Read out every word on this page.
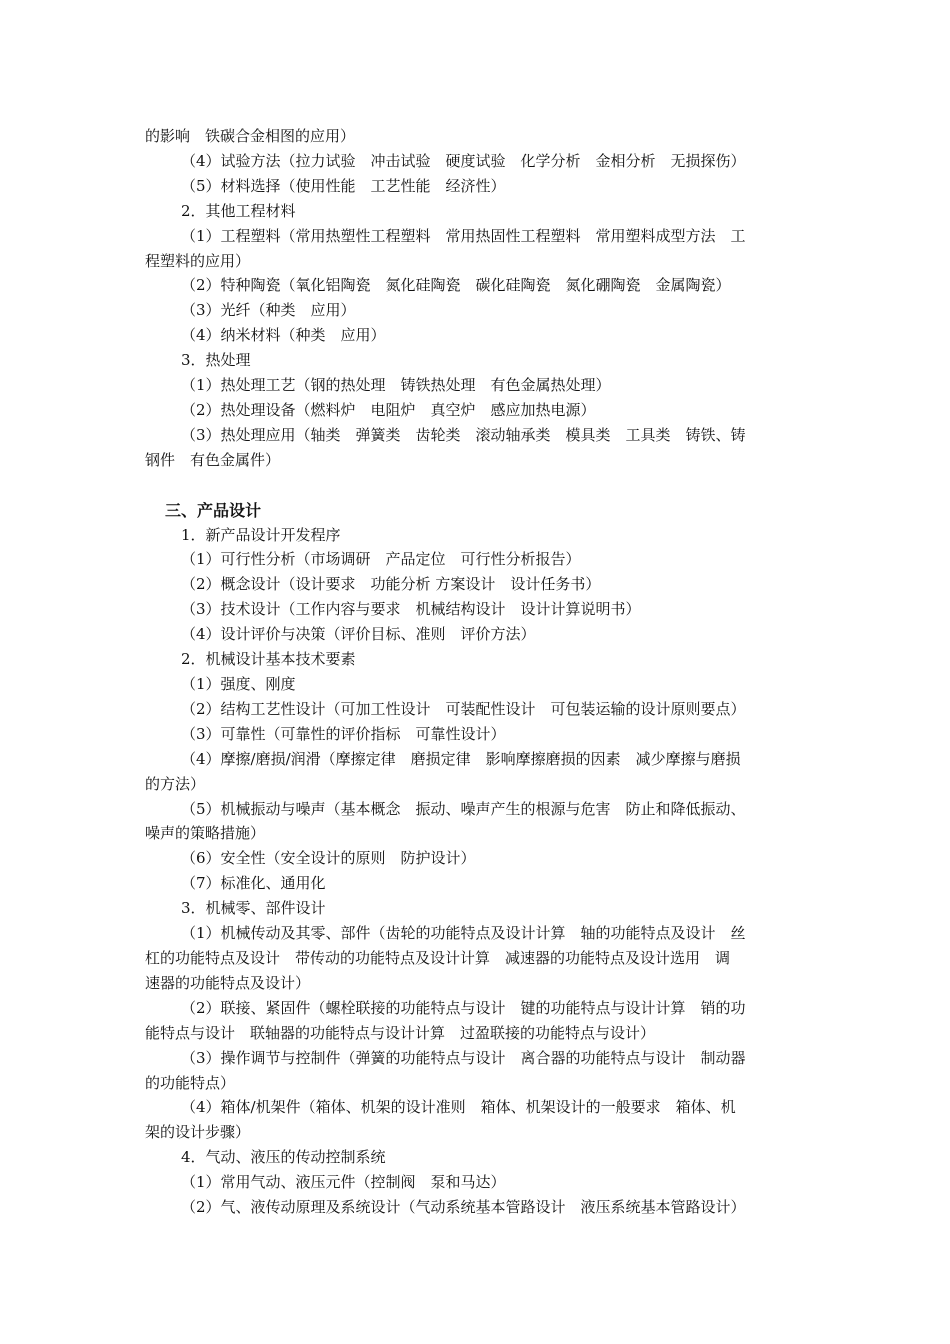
的影响　铁碳合金相图的应用）
（4）试验方法（拉力试验　冲击试验　硬度试验　化学分析　金相分析　无损探伤）
（5）材料选择（使用性能　工艺性能　经济性）
2．其他工程材料
（1）工程塑料（常用热塑性工程塑料　常用热固性工程塑料　常用塑料成型方法　工
程塑料的应用）
（2）特种陶瓷（氧化铝陶瓷　氮化硅陶瓷　碳化硅陶瓷　氮化硼陶瓷　金属陶瓷）
（3）光纤（种类　应用）
（4）纳米材料（种类　应用）
3．热处理
（1）热处理工艺（钢的热处理　铸铁热处理　有色金属热处理）
（2）热处理设备（燃料炉　电阻炉　真空炉　感应加热电源）
（3）热处理应用（轴类　弹簧类　齿轮类　滚动轴承类　模具类　工具类　铸铁、铸
钢件　有色金属件）
三、产品设计
1．新产品设计开发程序
（1）可行性分析（市场调研　产品定位　可行性分析报告）
（2）概念设计（设计要求　功能分析 方案设计　设计任务书）
（3）技术设计（工作内容与要求　机械结构设计　设计计算说明书）
（4）设计评价与决策（评价目标、准则　评价方法）
2．机械设计基本技术要素
（1）强度、刚度
（2）结构工艺性设计（可加工性设计　可装配性设计　可包装运输的设计原则要点）
（3）可靠性（可靠性的评价指标　可靠性设计）
（4）摩擦/磨损/润滑（摩擦定律　磨损定律　影响摩擦磨损的因素　减少摩擦与磨损
的方法）
（5）机械振动与噪声（基本概念　振动、噪声产生的根源与危害　防止和降低振动、
噪声的策略措施）
（6）安全性（安全设计的原则　防护设计）
（7）标准化、通用化
3．机械零、部件设计
（1）机械传动及其零、部件（齿轮的功能特点及设计计算　轴的功能特点及设计　丝
杠的功能特点及设计　带传动的功能特点及设计计算　减速器的功能特点及设计选用　调
速器的功能特点及设计）
（2）联接、紧固件（螺栓联接的功能特点与设计　键的功能特点与设计计算　销的功
能特点与设计　联轴器的功能特点与设计计算　过盈联接的功能特点与设计）
（3）操作调节与控制件（弹簧的功能特点与设计　离合器的功能特点与设计　制动器
的功能特点）
（4）箱体/机架件（箱体、机架的设计准则　箱体、机架设计的一般要求　箱体、机
架的设计步骤）
4．气动、液压的传动控制系统
（1）常用气动、液压元件（控制阀　泵和马达）
（2）气、液传动原理及系统设计（气动系统基本管路设计　液压系统基本管路设计）
